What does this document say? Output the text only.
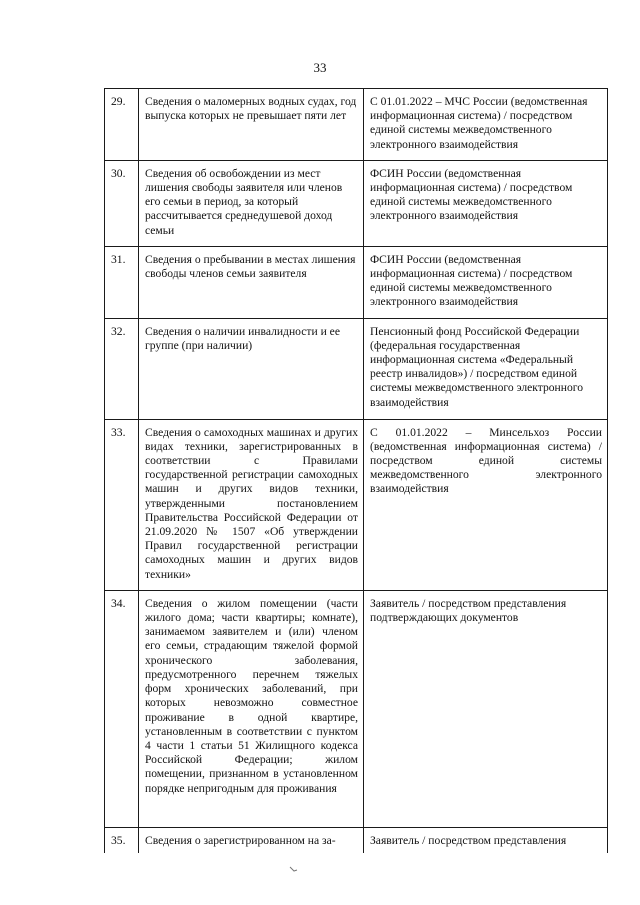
33
29.	Сведения о маломерных водных судах, год выпуска которых не превышает пяти лет	С 01.01.2022 – МЧС России (ведомственная информационная система) / посредством единой системы межведомственного электронного взаимодействия
30.	Сведения об освобождении из мест лишения свободы заявителя или членов его семьи в период, за который рассчитывается среднедушевой доход семьи	ФСИН России (ведомственная информационная система) / посредством единой системы межведомственного электронного взаимодействия
31.	Сведения о пребывании в местах лишения свободы членов семьи заявителя	ФСИН России (ведомственная информационная система) / посредством единой системы межведомственного электронного взаимодействия
32.	Сведения о наличии инвалидности и ее группе (при наличии)	Пенсионный фонд Российской Федерации (федеральная государственная информационная система «Федеральный реестр инвалидов») / посредством единой системы межведомственного электронного взаимодействия
33.	Сведения о самоходных машинах и других видах техники, зарегистрированных в соответствии с Правилами государственной регистрации самоходных машин и других видов техники, утвержденными постановлением Правительства Российской Федерации от 21.09.2020 № 1507 «Об утверждении Правил государственной регистрации самоходных машин и других видов техники»	С 01.01.2022 – Минсельхоз России (ведомственная информационная система) / посредством единой системы межведомственного электронного взаимодействия
34.	Сведения о жилом помещении (части жилого дома; части квартиры; комнате), занимаемом заявителем и (или) членом его семьи, страдающим тяжелой формой хронического заболевания, предусмотренного перечнем тяжелых форм хронических заболеваний, при которых невозможно совместное проживание в одной квартире, установленным в соответствии с пунктом 4 части 1 статьи 51 Жилищного кодекса Российской Федерации; жилом помещении, признанном в установленном порядке непригодным для проживания	Заявитель / посредством представления подтверждающих документов
35.	Сведения о зарегистрированном на за-	Заявитель / посредством представления
